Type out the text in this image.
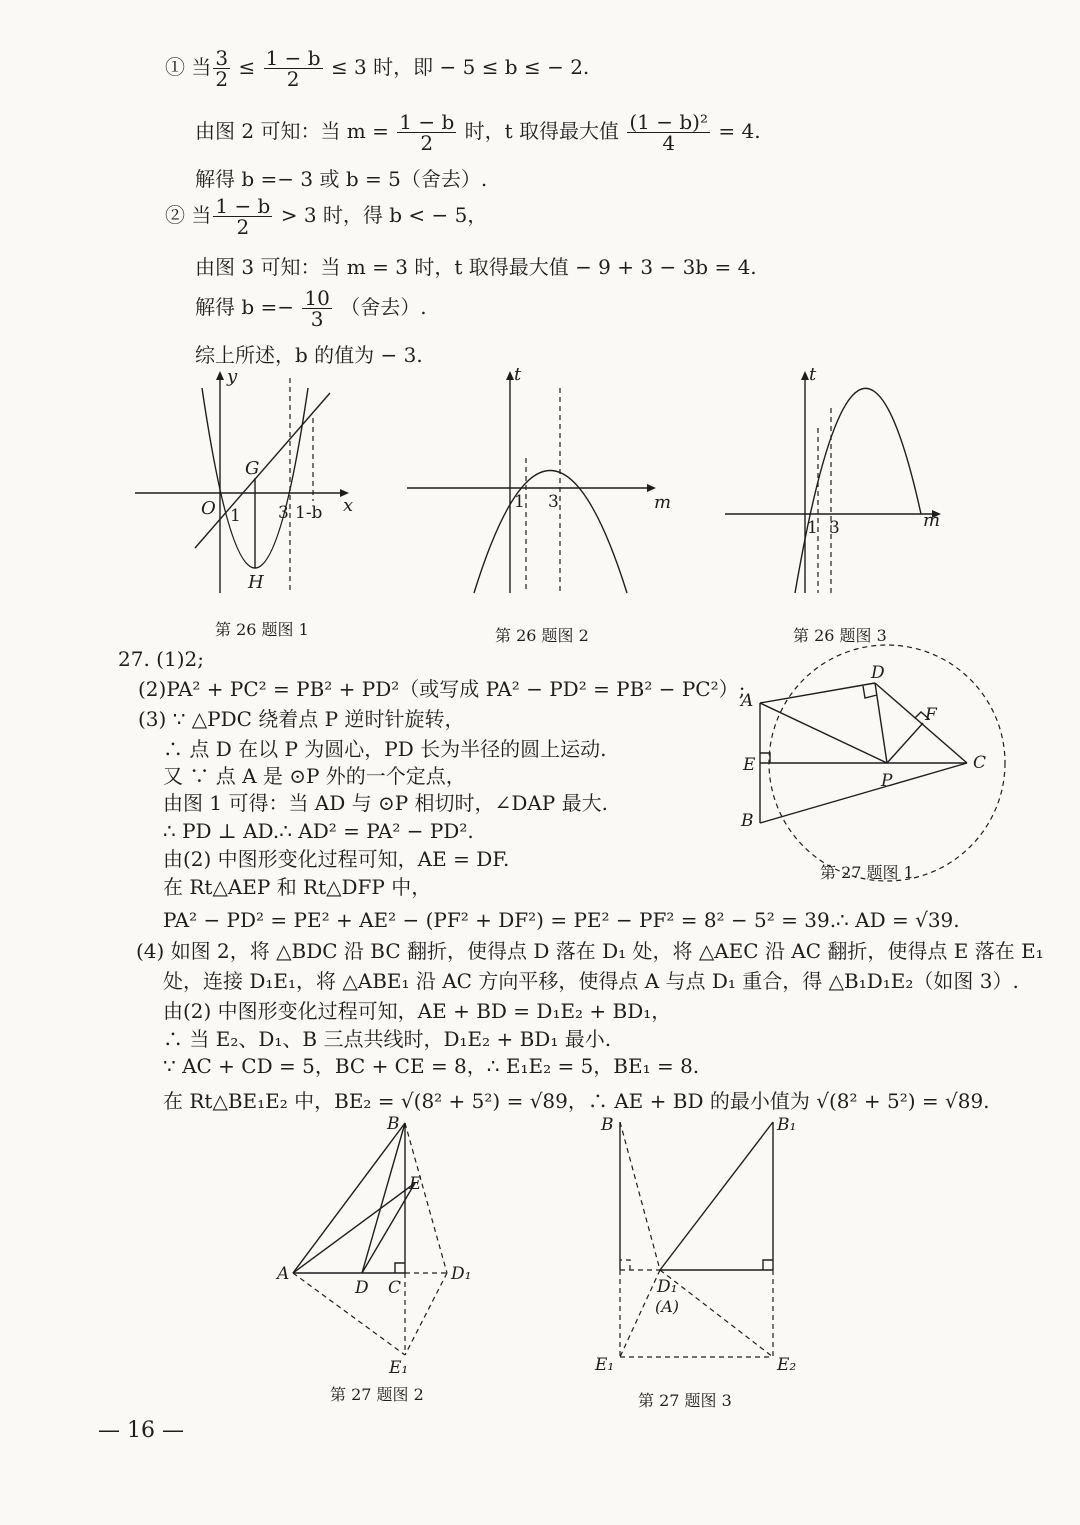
① 当 $\frac{3}{2} \le \frac{1 - b}{2} \le 3$ 时，即 − 5 ≤ b ≤ − 2.
由图 2 可知：当 $m = \frac{1 - b}{2}$ 时，t 取得最大值 $\frac{\text{(1 − b)²}}{4} = 4$.
解得 b =− 3 或 b = 5（舍去）.
② 当 $\frac{1 - b}{2} > 3$ 时，得 b < − 5，
由图 3 可知：当 m = 3 时，t 取得最大值 − 9 + 3 − 3b = 4.
解得 $b =- \frac{10}{3}$ （舍去）.
综上所述，b 的值为 − 3.
y
G
O 1 3 1-b x
H
第 26 题图 1
t
1 3	m
第 26 题图 2
t
1 3	m
第 26 题图 3
27. (1)2;
(2)PA² + PC² = PB² + PD²（或写成 PA² − PD² = PB² − PC²）;
(3) ∵ △PDC 绕着点 P 逆时针旋转，
∴ 点 D 在以 P 为圆心，PD 长为半径的圆上运动.
又 ∵ 点 A 是 ⊙P 外的一个定点，
由图 1 可得：当 AD 与 ⊙P 相切时，∠DAP 最大.
∴ PD ⊥ AD.∴ AD² = PA² − PD².
由(2) 中图形变化过程可知，AE = DF.
在 Rt△AEP 和 Rt△DFP 中，
PA² − PD² = PE² + AE² − (PF² + DF²) = PE² − PF² = 8² − 5² = 39.∴ AD = √39.
(4) 如图 2，将 △BDC 沿 BC 翻折，使得点 D 落在 D₁ 处，将 △AEC 沿 AC 翻折，使得点 E 落在 E₁
处，连接 D₁E₁，将 △ABE₁ 沿 AC 方向平移，使得点 A 与点 D₁ 重合，得 △B₁D₁E₂（如图 3）.
由(2) 中图形变化过程可知，AE + BD = D₁E₂ + BD₁，
∴ 当 E₂、D₁、B 三点共线时，D₁E₂ + BD₁ 最小.
∵ AC + CD = 5，BC + CE = 8，∴ E₁E₂ = 5，BE₁ = 8.
在 Rt△BE₁E₂ 中，BE₂ = √(8² + 5²) = √89，∴ AE + BD 的最小值为 √(8² + 5²) = √89.
A
D
F
E
P
C
B
第 27 题图 1
B
E
A
D C
D₁
E₁
第 27 题图 2
B	B₁
D₁
(A)
E₁	E₂
第 27 题图 3
— 16 —
